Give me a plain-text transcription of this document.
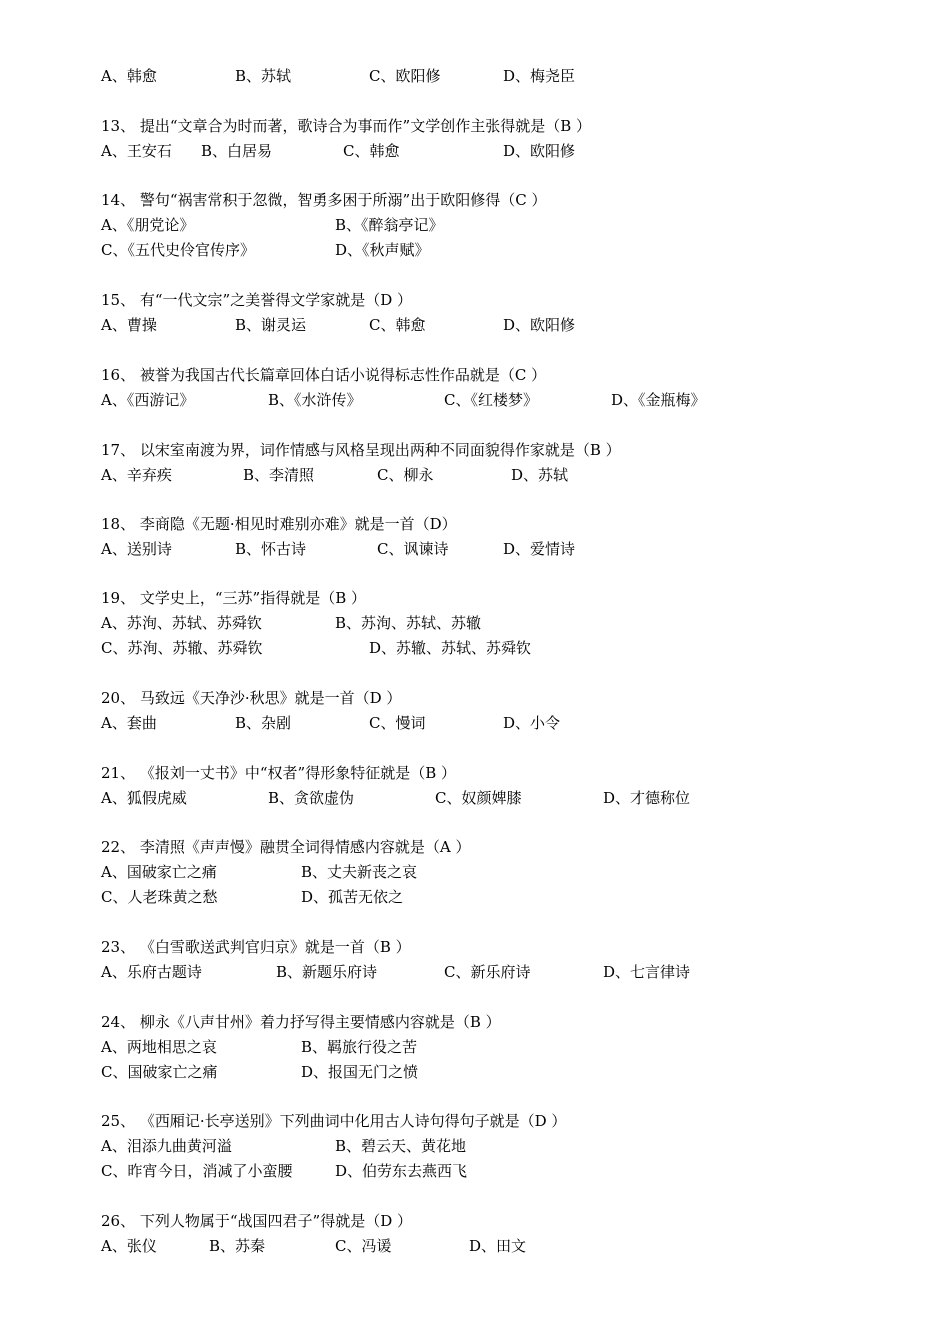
A、韩愈	B、苏轼	C、欧阳修	D、梅尧臣
13、 提出“文章合为时而著，歌诗合为事而作”文学创作主张得就是（B ）
A、王安石 B、白居易	C、韩愈	D、欧阳修
14、 警句“祸害常积于忽微，智勇多困于所溺”出于欧阳修得（C ）
A、《朋党论》	B、《醉翁亭记》
C、《五代史伶官传序》	D、《秋声赋》
15、 有“一代文宗”之美誉得文学家就是（D ）
A、曹操	B、谢灵运	C、韩愈	D、欧阳修
16、 被誉为我国古代长篇章回体白话小说得标志性作品就是（C ）
A、《西游记》	B、《水浒传》	C、《红楼梦》	D、《金瓶梅》
17、 以宋室南渡为界，词作情感与风格呈现出两种不同面貌得作家就是（B ）
A、辛弃疾	B、李清照	C、柳永	D、苏轼
18、 李商隐《无题·相见时难别亦难》就是一首（D）
A、送别诗	B、怀古诗	C、讽谏诗	D、爱情诗
19、 文学史上，“三苏”指得就是（B ）
A、苏洵、苏轼、苏舜钦	B、苏洵、苏轼、苏辙
C、苏洵、苏辙、苏舜钦	D、苏辙、苏轼、苏舜钦
20、 马致远《天净沙·秋思》就是一首（D ）
A、套曲	B、杂剧	C、慢词	D、小令
21、 《报刘一丈书》中“权者”得形象特征就是（B ）
A、狐假虎威	B、贪欲虚伪	C、奴颜婢膝	D、才德称位
22、 李清照《声声慢》融贯全词得情感内容就是（A ）
A、国破家亡之痛	B、丈夫新丧之哀
C、人老珠黄之愁	D、孤苦无依之
23、 《白雪歌送武判官归京》就是一首（B ）
A、乐府古题诗	B、新题乐府诗	C、新乐府诗	D、七言律诗
24、 柳永《八声甘州》着力抒写得主要情感内容就是（B ）
A、两地相思之哀	B、羁旅行役之苦
C、国破家亡之痛	D、报国无门之愤
25、 《西厢记·长亭送别》下列曲词中化用古人诗句得句子就是（D ）
A、泪添九曲黄河溢	B、碧云天、黄花地
C、昨宵今日，消减了小蛮腰	D、伯劳东去燕西飞
26、 下列人物属于“战国四君子”得就是（D ）
A、张仪	B、苏秦	C、冯谖	D、田文
